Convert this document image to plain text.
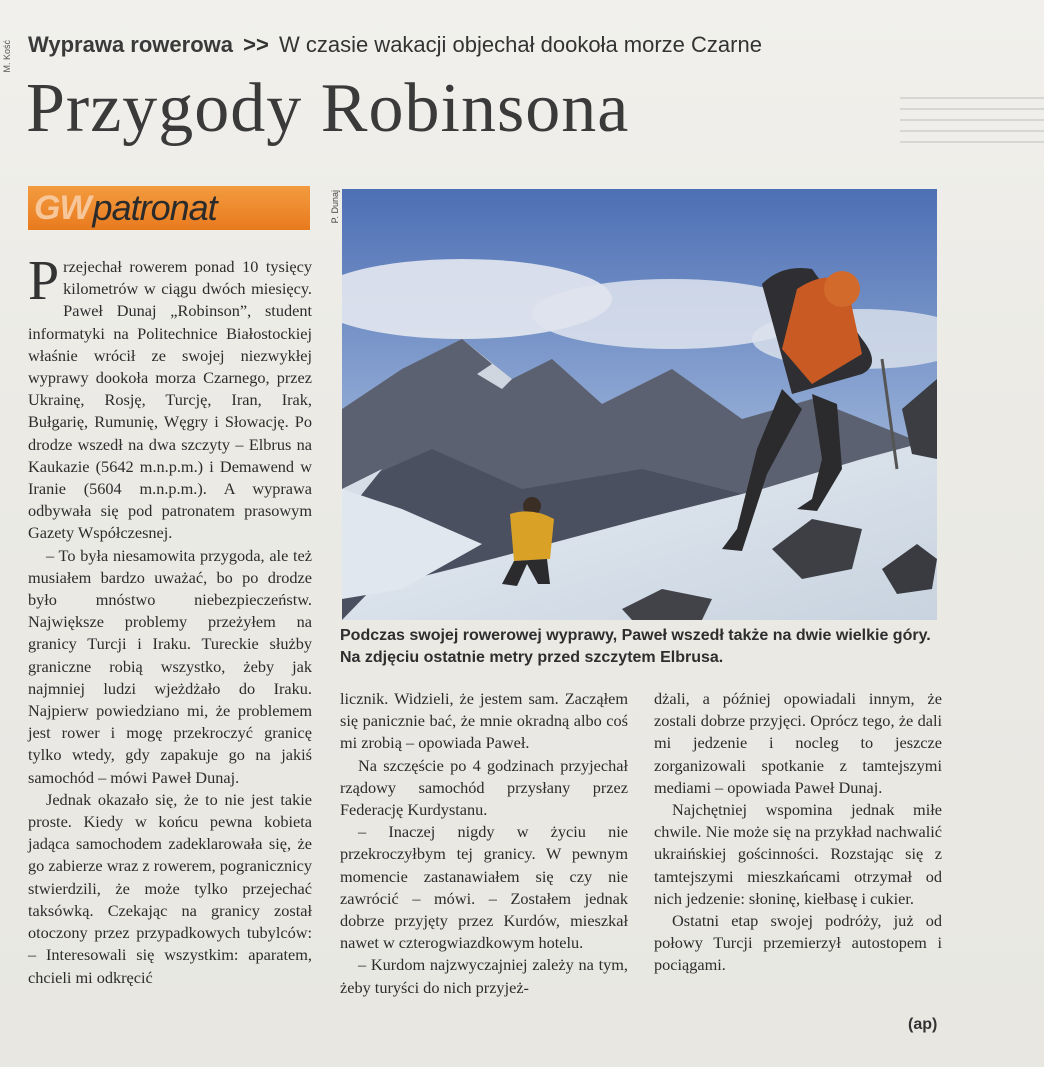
M. Kość Wyprawa rowerowa >> W czasie wakacji objechał dookoła morze Czarne
Przygody Robinsona
GW patronat	P. Dunaj
Podczas swojej rowerowej wyprawy, Paweł wszedł także na dwie wielkie góry. Na zdjęciu ostatnie metry przed szczytem Elbrusa.

Przejechał rowerem ponad 10 tysięcy kilometrów w ciągu dwóch miesięcy. Paweł Dunaj „Robinson”, student informatyki na Politechnice Białostockiej właśnie wrócił ze swojej niezwykłej wyprawy dookoła morza Czarnego, przez Ukrainę, Rosję, Turcję, Iran, Irak, Bułgarię, Rumunię, Węgry i Słowację. Po drodze wszedł na dwa szczyty – Elbrus na Kaukazie (5642 m.n.p.m.) i Demawend w Iranie (5604 m.n.p.m.). A wyprawa odbywała się pod patronatem prasowym Gazety Współczesnej.

– To była niesamowita przygoda, ale też musiałem bardzo uważać, bo po drodze było mnóstwo niebezpieczeństw. Największe problemy przeżyłem na granicy Turcji i Iraku. Tureckie służby graniczne robią wszystko, żeby jak najmniej ludzi wjeżdżało do Iraku. Najpierw powiedziano mi, że problemem jest rower i mogę przekroczyć granicę tylko wtedy, gdy zapakuje go na jakiś samochód – mówi Paweł Dunaj.

Jednak okazało się, że to nie jest takie proste. Kiedy w końcu pewna kobieta jadąca samochodem zadeklarowała się, że go zabierze wraz z rowerem, pogranicznicy stwierdzili, że może tylko przejechać taksówką. Czekając na granicy został otoczony przez przypadkowych tubylców: – Interesowali się wszystkim: aparatem, chcieli mi odkręcić

licznik. Widzieli, że jestem sam. Zacząłem się panicznie bać, że mnie okradną albo coś mi zrobią – opowiada Paweł.

Na szczęście po 4 godzinach przyjechał rządowy samochód przysłany przez Federację Kurdystanu.

– Inaczej nigdy w życiu nie przekroczyłbym tej granicy. W pewnym momencie zastanawiałem się czy nie zawrócić – mówi. – Zostałem jednak dobrze przyjęty przez Kurdów, mieszkał nawet w czterogwiazdkowym hotelu.

– Kurdom najzwyczajniej zależy na tym, żeby turyści do nich przyjeż-

dżali, a później opowiadali innym, że zostali dobrze przyjęci. Oprócz tego, że dali mi jedzenie i nocleg to jeszcze zorganizowali spotkanie z tamtejszymi mediami – opowiada Paweł Dunaj.

Najchętniej wspomina jednak miłe chwile. Nie może się na przykład nachwalić ukraińskiej gościnności. Rozstając się z tamtejszymi mieszkańcami otrzymał od nich jedzenie: słoninę, kiełbasę i cukier.

Ostatni etap swojej podróży, już od połowy Turcji przemierzył autostopem i pociągami.

(ap)
